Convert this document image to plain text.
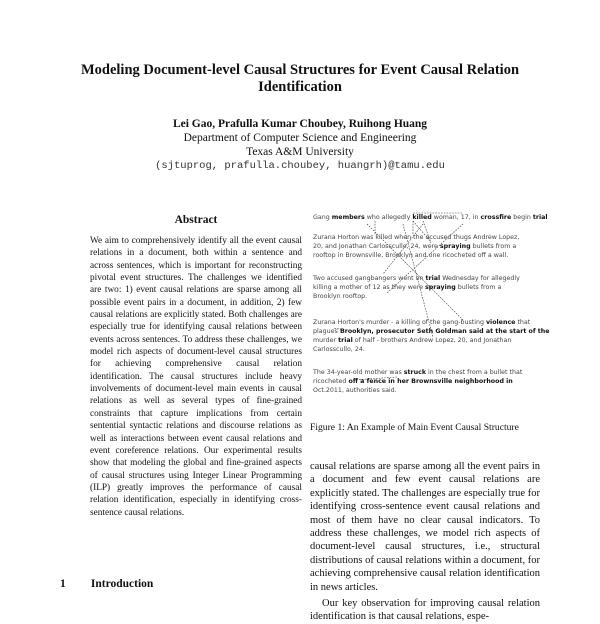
Modeling Document-level Causal Structures for Event Causal Relation Identification
Lei Gao, Prafulla Kumar Choubey, Ruihong Huang
Department of Computer Science and Engineering
Texas A&M University
(sjtuprog, prafulla.choubey, huangrh)@tamu.edu
Abstract
We aim to comprehensively identify all the event causal relations in a document, both within a sentence and across sentences, which is important for reconstructing pivotal event structures. The challenges we identified are two: 1) event causal relations are sparse among all possible event pairs in a document, in addition, 2) few causal relations are explicitly stated. Both challenges are especially true for identifying causal relations between events across sentences. To address these challenges, we model rich aspects of document-level causal structures for achieving comprehensive causal relation identification. The causal structures include heavy involvements of document-level main events in causal relations as well as several types of fine-grained constraints that capture implications from certain sentential syntactic relations and discourse relations as well as interactions between event causal relations and event coreference relations. Our experimental results show that modeling the global and fine-grained aspects of causal structures using Integer Linear Programming (ILP) greatly improves the performance of causal relation identification, especially in identifying cross-sentence causal relations.
1 Introduction
Gang members who allegedly killed woman, 17, in crossfire begin trial
Zurana Horton was killed when the accused thugs Andrew Lopez,
20, and Jonathan Carlosscullo, 24, were spraying bullets from a
rooftop in Brownsville, Brooklyn and one ricocheted off a wall.
Two accused gangbangers went on trial Wednesday for allegedly
killing a mother of 12 as they were spraying bullets from a
Brooklyn rooftop.
Zurana Horton's murder - a killing of the gang-busting violence that
plagues Brooklyn, prosecutor Seth Goldman said at the start of the
murder trial of half - brothers Andrew Lopez, 20, and Jonathan
Carlosscullo, 24.
The 34-year-old mother was struck in the chest from a bullet that
ricocheted off a fence in her Brownsville neighborhood in
Oct.2011, authorities said.
Figure 1: An Example of Main Event Causal Structure

causal relations are sparse among all the event pairs in a document and few event causal relations are explicitly stated. The challenges are especially true for identifying cross-sentence event causal relations and most of them have no clear causal indicators. To address these challenges, we model rich aspects of document-level causal structures, i.e., structural distributions of causal relations within a document, for achieving comprehensive causal relation identification in news articles.

Our key observation for improving causal relation identification is that causal relations, espe-
